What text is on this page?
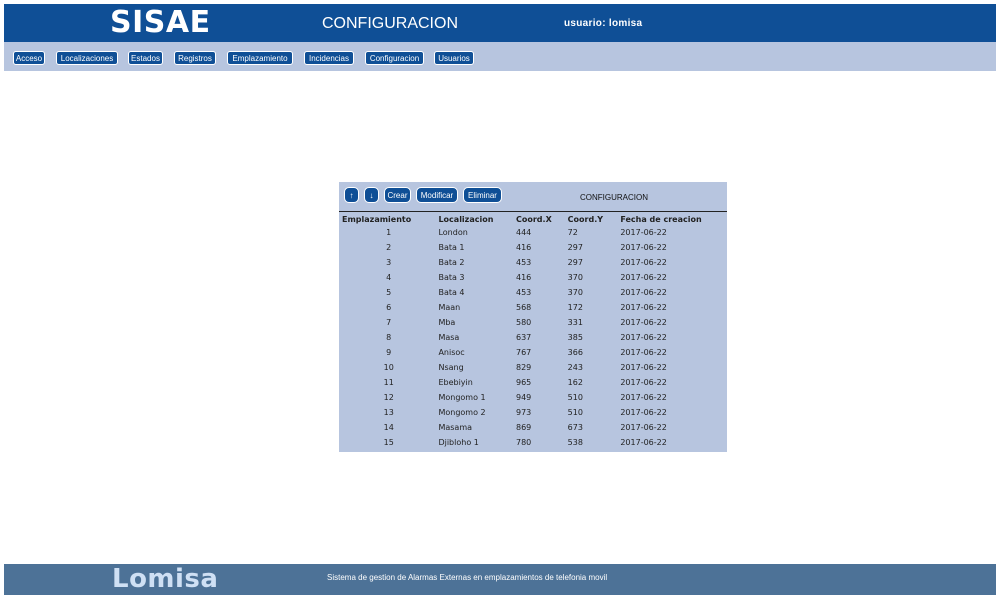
SISAE	CONFIGURACION	usuario: lomisa
Acceso	Localizaciones	Estados	Registros	Emplazamiento	Incidencias	Configuracion	Usuarios
↑	↓	Crear	Modificar	Eliminar	CONFIGURACION
Emplazamiento	Localizacion	Coord.X	Coord.Y	Fecha de creacion
1	London	444	72	2017-06-22
2	Bata 1	416	297	2017-06-22
3	Bata 2	453	297	2017-06-22
4	Bata 3	416	370	2017-06-22
5	Bata 4	453	370	2017-06-22
6	Maan	568	172	2017-06-22
7	Mba	580	331	2017-06-22
8	Masa	637	385	2017-06-22
9	Anisoc	767	366	2017-06-22
10	Nsang	829	243	2017-06-22
11	Ebebiyin	965	162	2017-06-22
12	Mongomo 1	949	510	2017-06-22
13	Mongomo 2	973	510	2017-06-22
14	Masama	869	673	2017-06-22
15	Djibloho 1	780	538	2017-06-22
Lomisa	Sistema de gestion de Alarmas Externas en emplazamientos de telefonia movil
